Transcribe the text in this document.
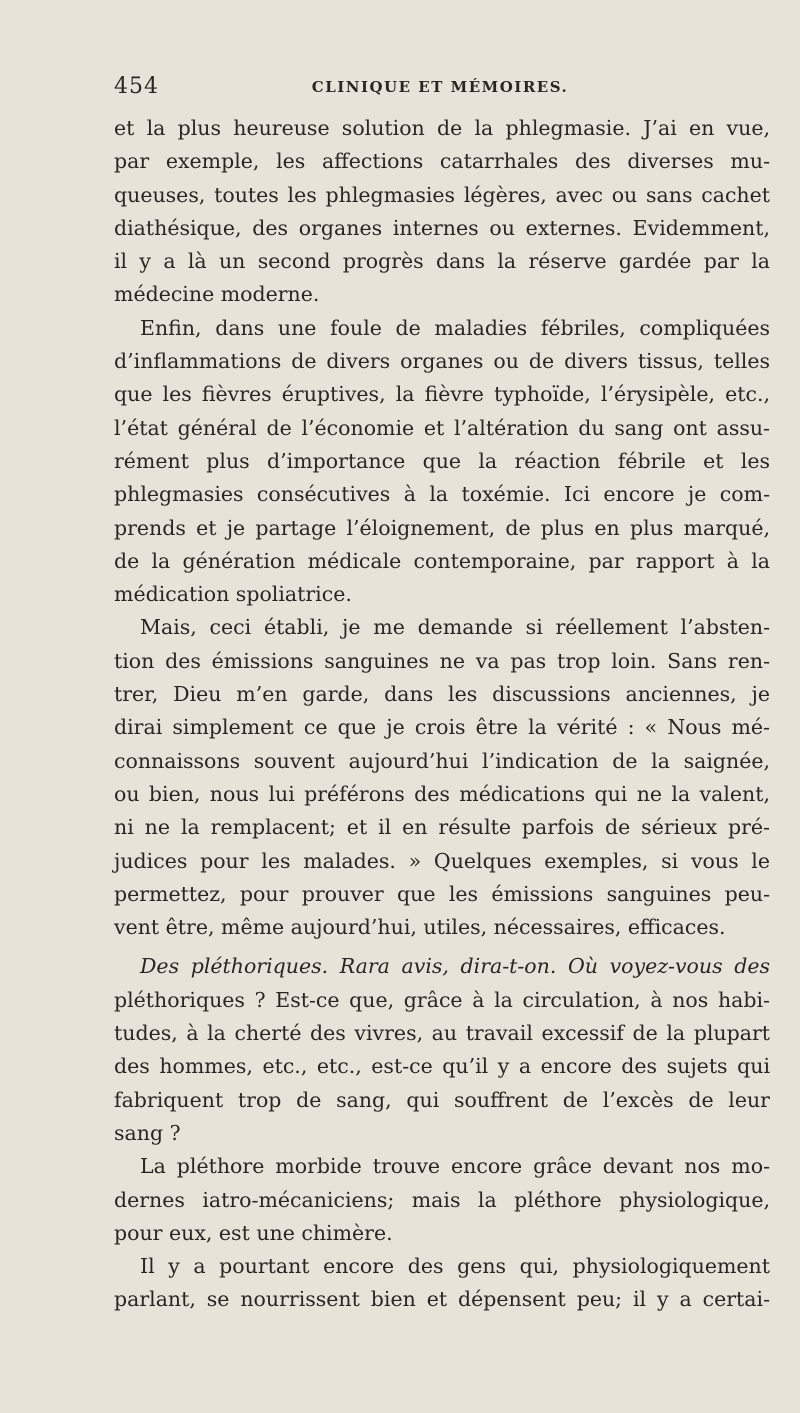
454	CLINIQUE ET MÉMOIRES.
et la plus heureuse solution de la phlegmasie. J’ai en vue,
par exemple, les affections catarrhales des diverses mu-
queuses, toutes les phlegmasies légères, avec ou sans cachet
diathésique, des organes internes ou externes. Evidemment,
il y a là un second progrès dans la réserve gardée par la
médecine moderne.
Enfin, dans une foule de maladies fébriles, compliquées
d’inflammations de divers organes ou de divers tissus, telles
que les fièvres éruptives, la fièvre typhoïde, l’érysipèle, etc.,
l’état général de l’économie et l’altération du sang ont assu-
rément plus d’importance que la réaction fébrile et les
phlegmasies consécutives à la toxémie. Ici encore je com-
prends et je partage l’éloignement, de plus en plus marqué,
de la génération médicale contemporaine, par rapport à la
médication spoliatrice.
Mais, ceci établi, je me demande si réellement l’absten-
tion des émissions sanguines ne va pas trop loin. Sans ren-
trer, Dieu m’en garde, dans les discussions anciennes, je
dirai simplement ce que je crois être la vérité : « Nous mé-
connaissons souvent aujourd’hui l’indication de la saignée,
ou bien, nous lui préférons des médications qui ne la valent,
ni ne la remplacent; et il en résulte parfois de sérieux pré-
judices pour les malades. » Quelques exemples, si vous le
permettez, pour prouver que les émissions sanguines peu-
vent être, même aujourd’hui, utiles, nécessaires, efficaces.
Des pléthoriques. Rara avis, dira-t-on. Où voyez-vous des
pléthoriques ? Est-ce que, grâce à la circulation, à nos habi-
tudes, à la cherté des vivres, au travail excessif de la plupart
des hommes, etc., etc., est-ce qu’il y a encore des sujets qui
fabriquent trop de sang, qui souffrent de l’excès de leur
sang ?
La pléthore morbide trouve encore grâce devant nos mo-
dernes iatro-mécaniciens; mais la pléthore physiologique,
pour eux, est une chimère.
Il y a pourtant encore des gens qui, physiologiquement
parlant, se nourrissent bien et dépensent peu; il y a certai-
